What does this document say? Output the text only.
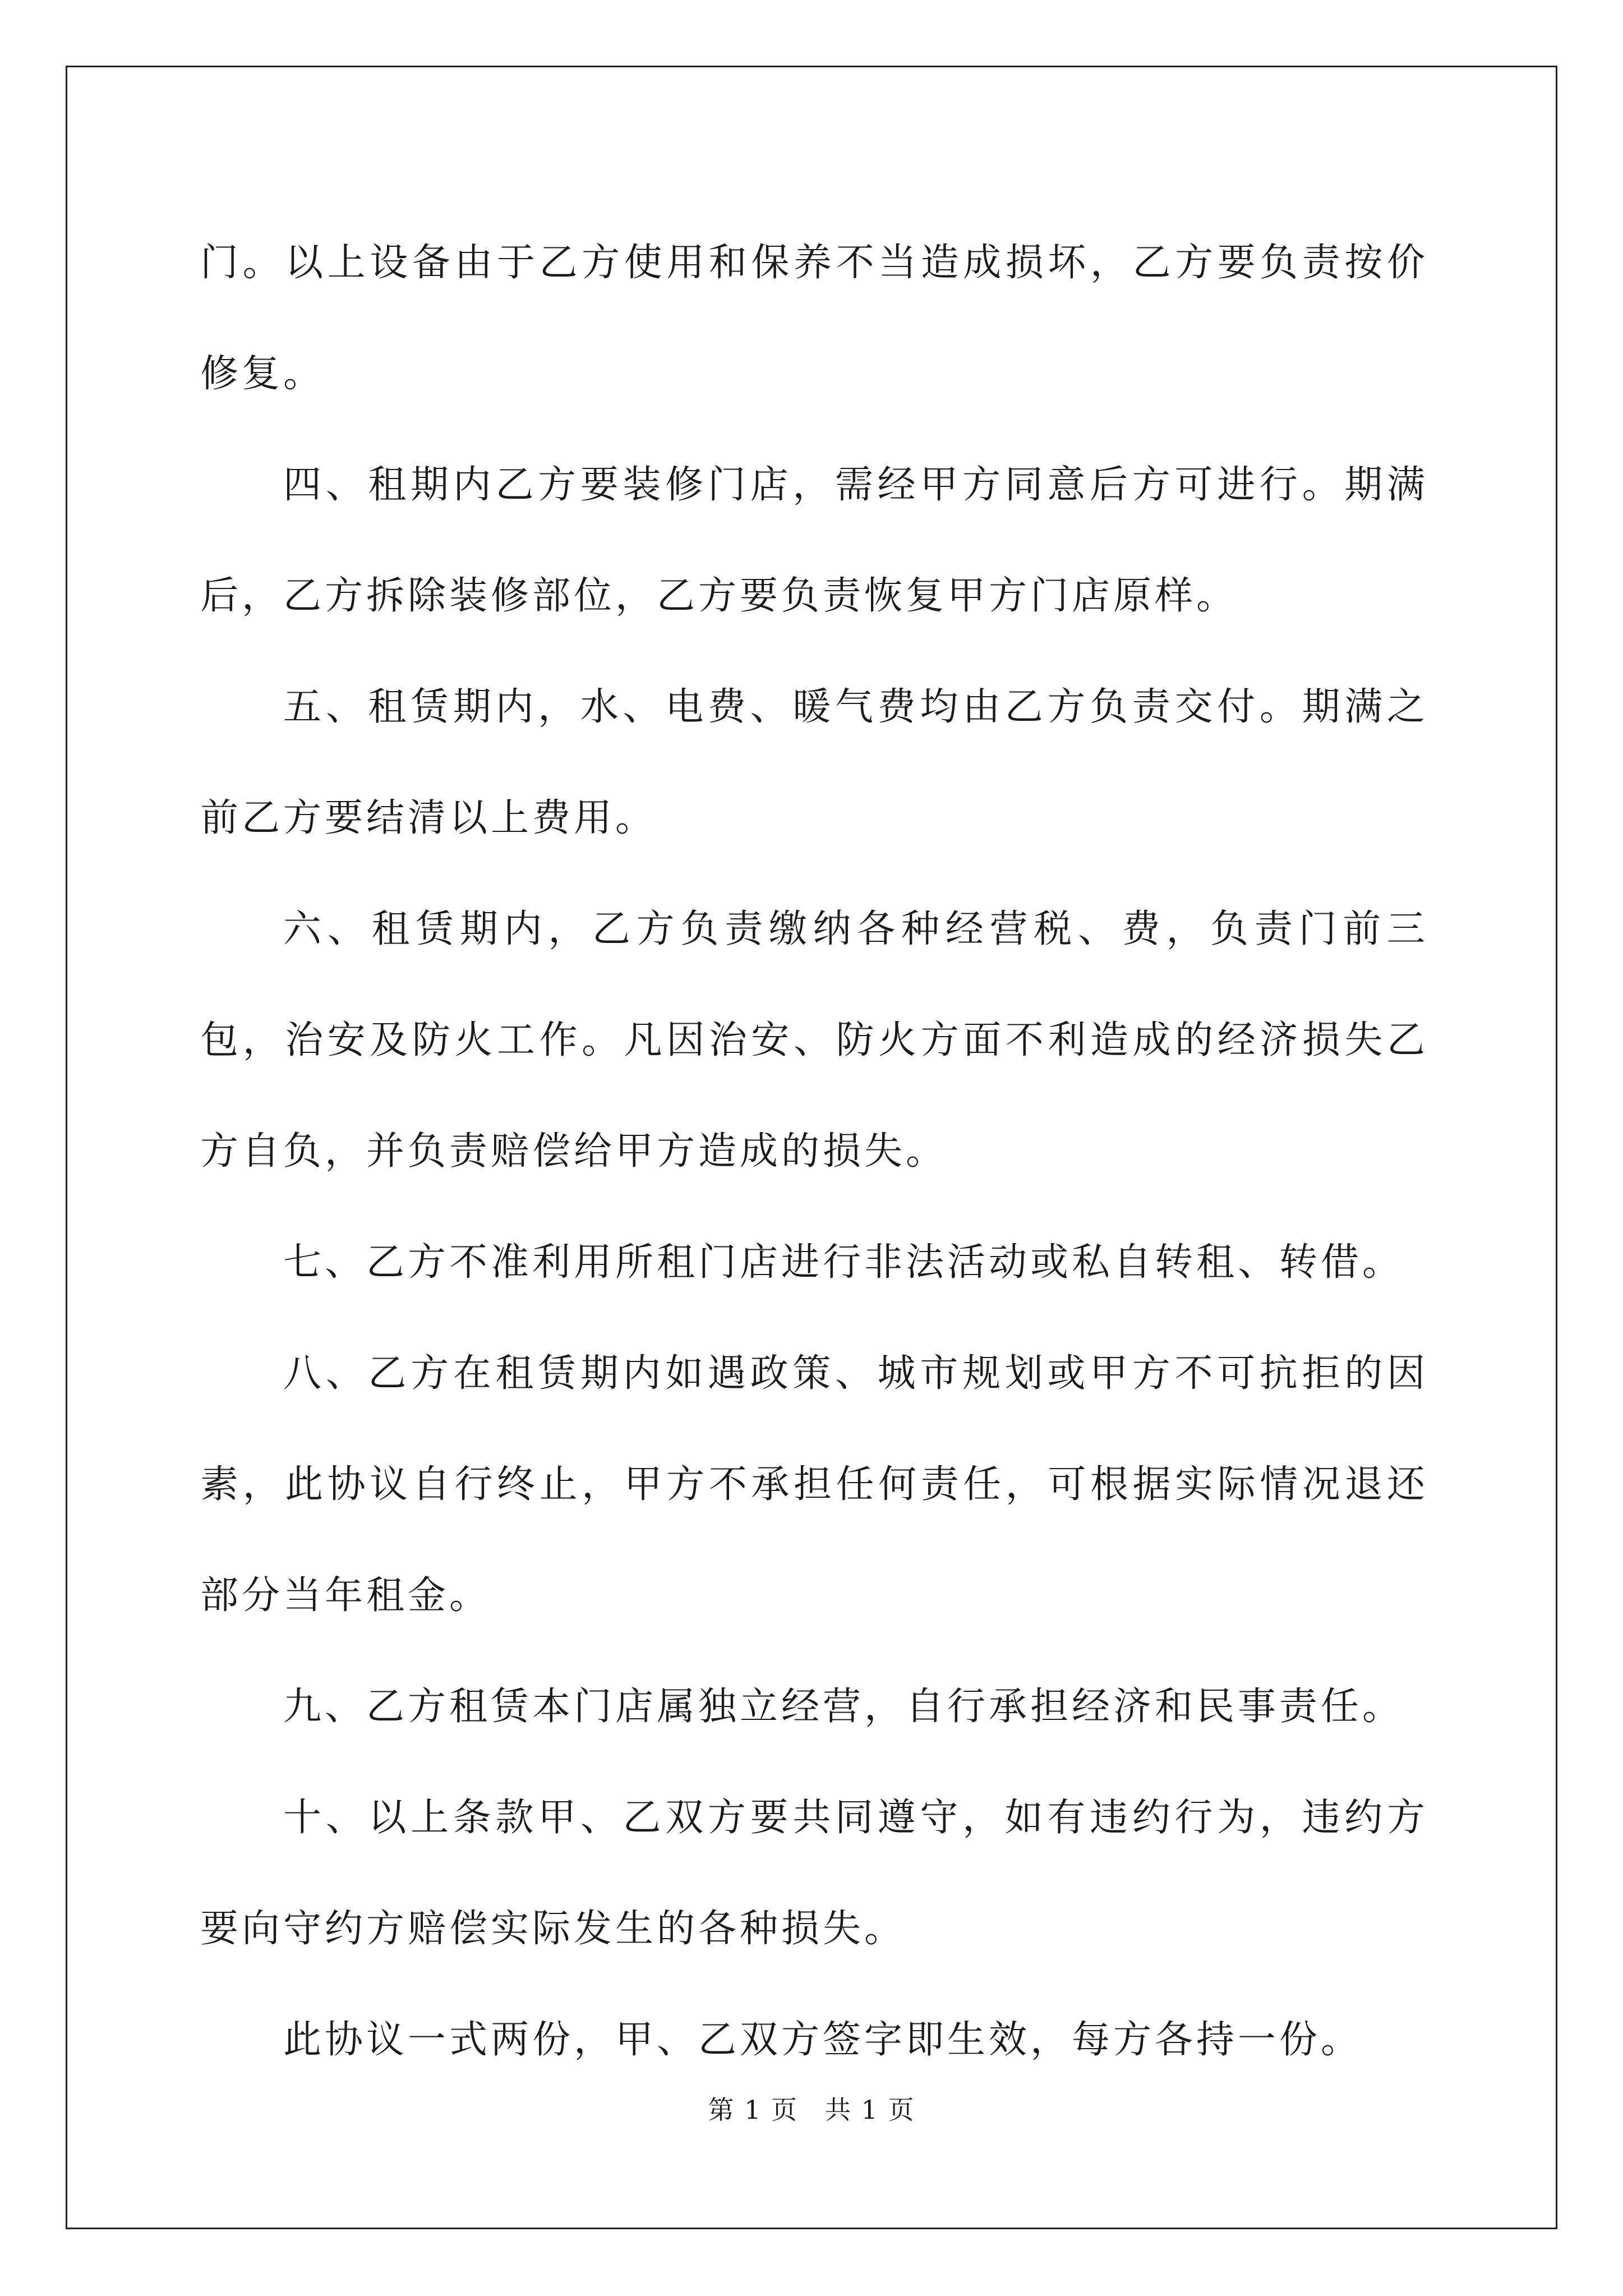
门。以上设备由于乙方使用和保养不当造成损坏，乙方要负责按价修复。

四、租期内乙方要装修门店，需经甲方同意后方可进行。期满后，乙方拆除装修部位，乙方要负责恢复甲方门店原样。

五、租赁期内，水、电费、暖气费均由乙方负责交付。期满之前乙方要结清以上费用。

六、租赁期内，乙方负责缴纳各种经营税、费，负责门前三包，治安及防火工作。凡因治安、防火方面不利造成的经济损失乙方自负，并负责赔偿给甲方造成的损失。

七、乙方不准利用所租门店进行非法活动或私自转租、转借。

八、乙方在租赁期内如遇政策、城市规划或甲方不可抗拒的因素，此协议自行终止，甲方不承担任何责任，可根据实际情况退还部分当年租金。

九、乙方租赁本门店属独立经营，自行承担经济和民事责任。

十、以上条款甲、乙双方要共同遵守，如有违约行为，违约方要向守约方赔偿实际发生的各种损失。

此协议一式两份，甲、乙双方签字即生效，每方各持一份。

第 1 页　共 1 页
